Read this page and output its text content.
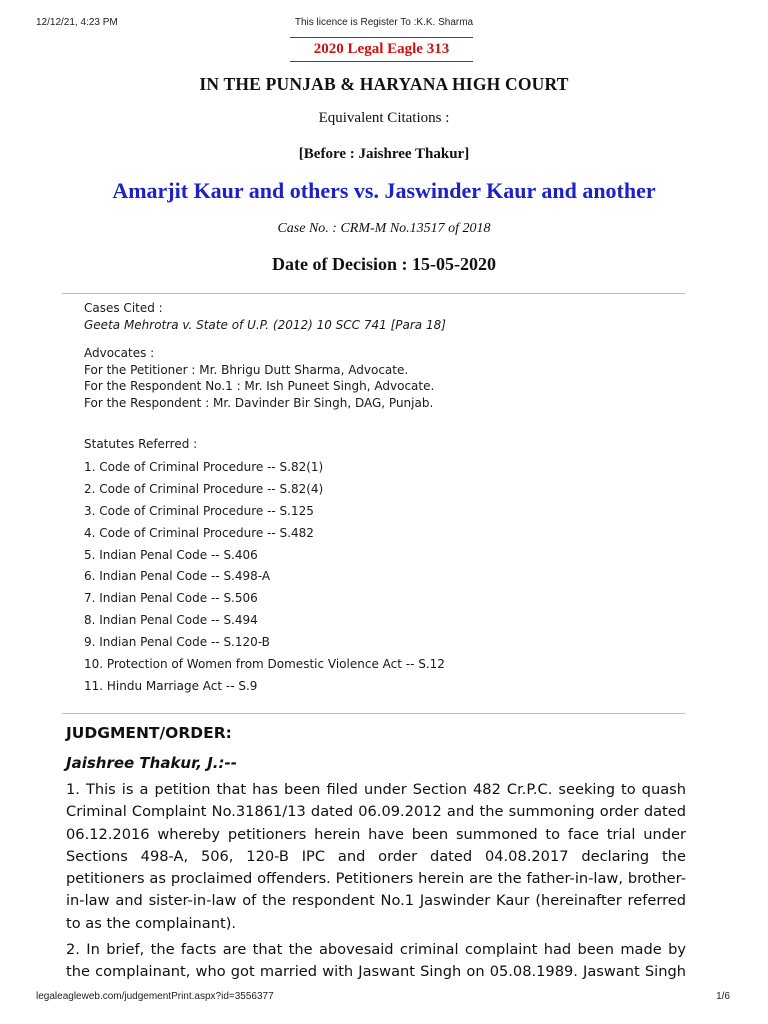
12/12/21, 4:23 PM	This licence is Register To :K.K. Sharma
2020 Legal Eagle 313
IN THE PUNJAB & HARYANA HIGH COURT
Equivalent Citations :
[Before : Jaishree Thakur]
Amarjit Kaur and others vs. Jaswinder Kaur and another
Case No. : CRM-M No.13517 of 2018
Date of Decision : 15-05-2020
Cases Cited :
Geeta Mehrotra v. State of U.P. (2012) 10 SCC 741 [Para 18]
Advocates :
For the Petitioner : Mr. Bhrigu Dutt Sharma, Advocate.
For the Respondent No.1 : Mr. Ish Puneet Singh, Advocate.
For the Respondent : Mr. Davinder Bir Singh, DAG, Punjab.
Statutes Referred :
1. Code of Criminal Procedure -- S.82(1)
2. Code of Criminal Procedure -- S.82(4)
3. Code of Criminal Procedure -- S.125
4. Code of Criminal Procedure -- S.482
5. Indian Penal Code -- S.406
6. Indian Penal Code -- S.498-A
7. Indian Penal Code -- S.506
8. Indian Penal Code -- S.494
9. Indian Penal Code -- S.120-B
10. Protection of Women from Domestic Violence Act -- S.12
11. Hindu Marriage Act -- S.9
JUDGMENT/ORDER:
Jaishree Thakur, J.:--
1. This is a petition that has been filed under Section 482 Cr.P.C. seeking to quash Criminal Complaint No.31861/13 dated 06.09.2012 and the summoning order dated 06.12.2016 whereby petitioners herein have been summoned to face trial under Sections 498-A, 506, 120-B IPC and order dated 04.08.2017 declaring the petitioners as proclaimed offenders. Petitioners herein are the father-in-law, brother-in-law and sister-in-law of the respondent No.1 Jaswinder Kaur (hereinafter referred to as the complainant).
2. In brief, the facts are that the abovesaid criminal complaint had been made by the complainant, who got married with Jaswant Singh on 05.08.1989. Jaswant Singh
legaleagleweb.com/judgementPrint.aspx?id=3556377	1/6
